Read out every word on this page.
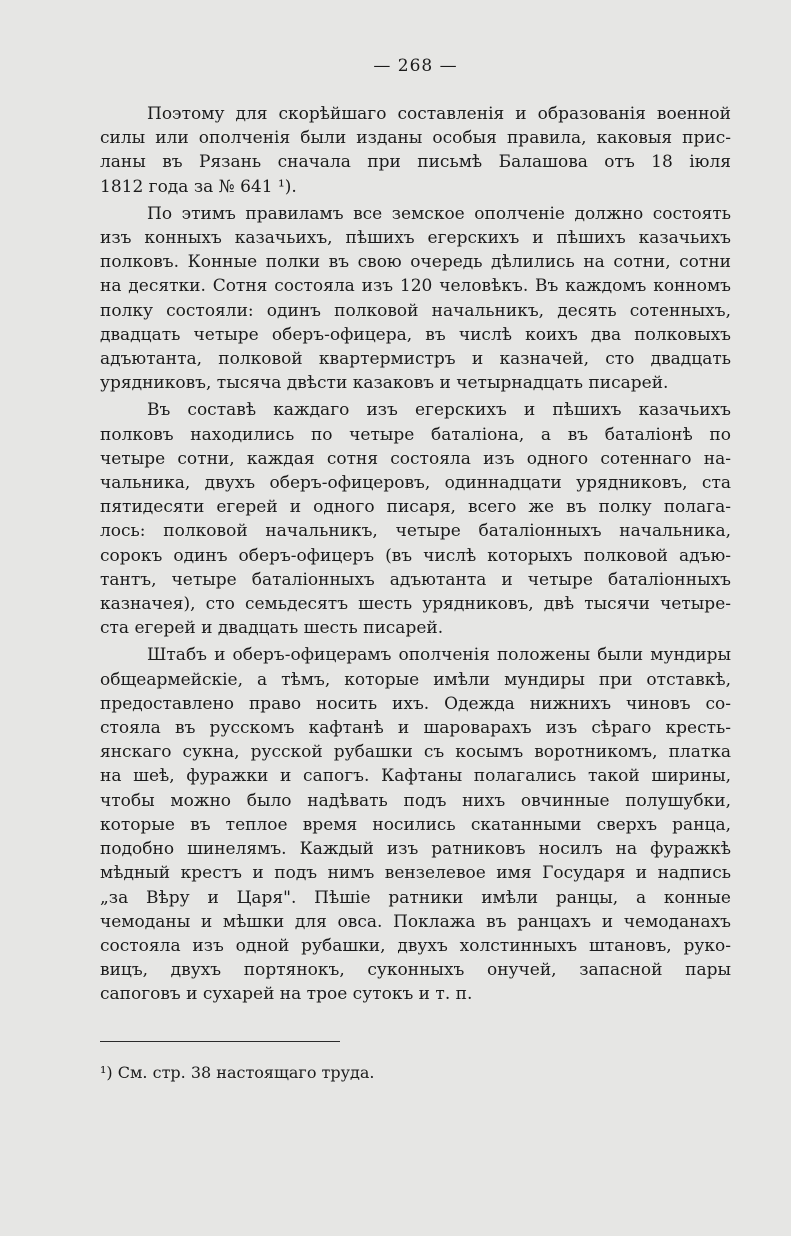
— 268 —

Поэтому для скорѣйшаго составленія и образованія военной
силы или ополченія были изданы особыя правила, каковыя прис-
ланы въ Рязань сначала при письмѣ Балашова отъ 18 іюля
1812 года за № 641 ¹).

По этимъ правиламъ все земское ополченіе должно состоять
изъ конныхъ казачьихъ, пѣшихъ егерскихъ и пѣшихъ казачьихъ
полковъ. Конные полки въ свою очередь дѣлились на сотни, сотни
на десятки. Сотня состояла изъ 120 человѣкъ. Въ каждомъ конномъ
полку состояли: одинъ полковой начальникъ, десять сотенныхъ,
двадцать четыре оберъ-офицера, въ числѣ коихъ два полковыхъ
адъютанта, полковой квартермистръ и казначей, сто двадцать
урядниковъ, тысяча двѣсти казаковъ и четырнадцать писарей.

Въ составѣ каждаго изъ егерскихъ и пѣшихъ казачьихъ
полковъ находились по четыре баталіона, а въ баталіонѣ по
четыре сотни, каждая сотня состояла изъ одного сотеннаго на-
чальника, двухъ оберъ-офицеровъ, одиннадцати урядниковъ, ста
пятидесяти егерей и одного писаря, всего же въ полку полага-
лось: полковой начальникъ, четыре баталіонныхъ начальника,
сорокъ одинъ оберъ-офицеръ (въ числѣ которыхъ полковой адъю-
тантъ, четыре баталіонныхъ адъютанта и четыре баталіонныхъ
казначея), сто семьдесятъ шесть урядниковъ, двѣ тысячи четыре-
ста егерей и двадцать шесть писарей.

Штабъ и оберъ-офицерамъ ополченія положены были мундиры
общеармейскіе, а тѣмъ, которые имѣли мундиры при отставкѣ,
предоставлено право носить ихъ. Одежда нижнихъ чиновъ со-
стояла въ русскомъ кафтанѣ и шароварахъ изъ сѣраго кресть-
янскаго сукна, русской рубашки съ косымъ воротникомъ, платка
на шеѣ, фуражки и сапогъ. Кафтаны полагались такой ширины,
чтобы можно было надѣвать подъ нихъ овчинные полушубки,
которые въ теплое время носились скатанными сверхъ ранца,
подобно шинелямъ. Каждый изъ ратниковъ носилъ на фуражкѣ
мѣдный крестъ и подъ нимъ вензелевое имя Государя и надпись
„за Вѣру и Царя". Пѣшіе ратники имѣли ранцы, а конные
чемоданы и мѣшки для овса. Поклажа въ ранцахъ и чемоданахъ
состояла изъ одной рубашки, двухъ холстинныхъ штановъ, руко-
вицъ, двухъ портянокъ, суконныхъ онучей, запасной пары
сапоговъ и сухарей на трое сутокъ и т. п.

¹) См. стр. 38 настоящаго труда.
